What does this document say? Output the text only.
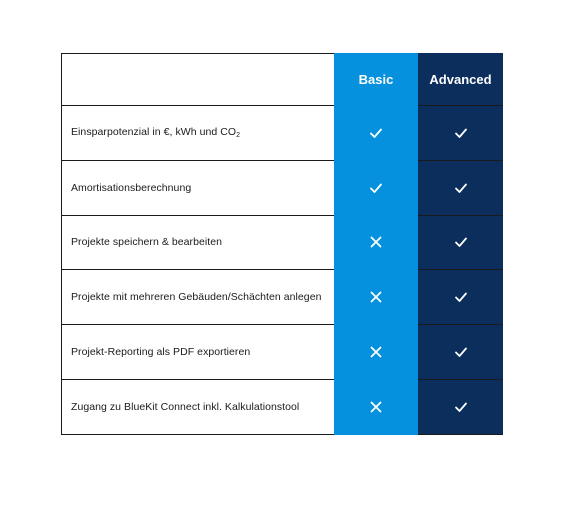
Basic	Advanced
Einsparpotenzial in €, kWh und $CO_2$
Amortisationsberechnung
Projekte speichern & bearbeiten
Projekte mit mehreren Gebäuden/Schächten anlegen
Projekt-Reporting als PDF exportieren
Zugang zu BlueKit Connect inkl. Kalkulationstool
